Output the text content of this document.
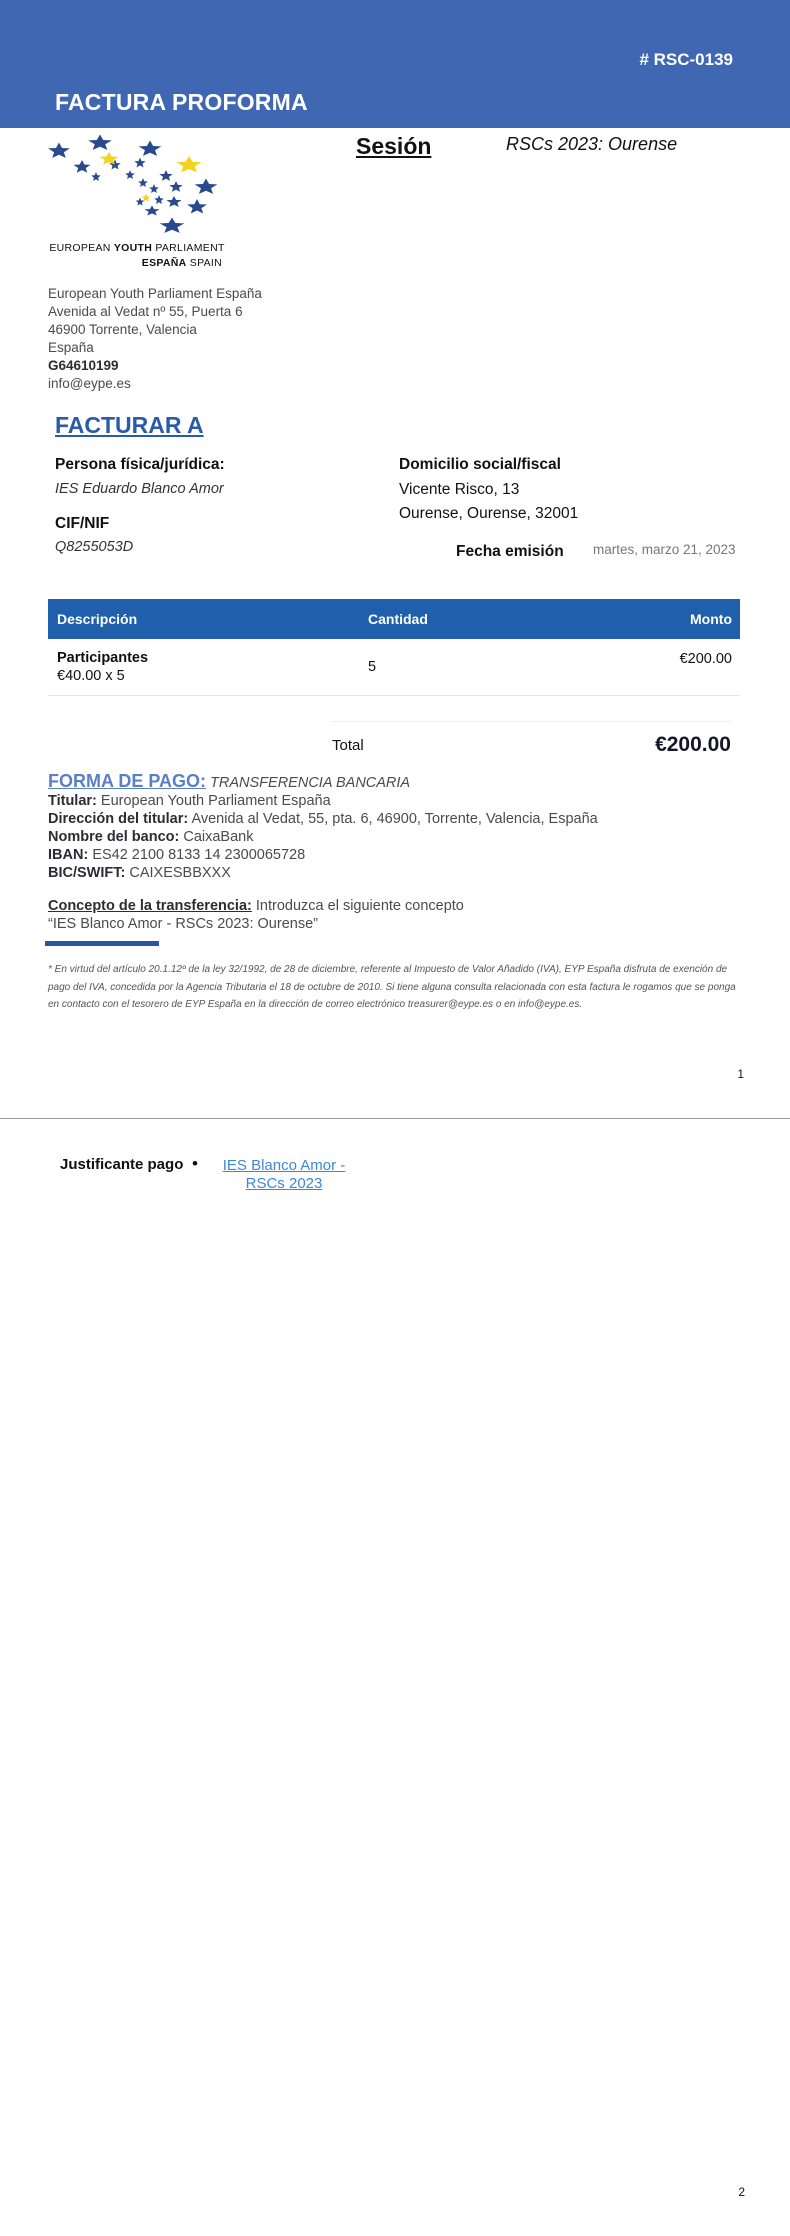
# RSC-0139
FACTURA PROFORMA
EUROPEAN YOUTH PARLIAMENT
ESPAÑA SPAIN
Sesión	RSCs 2023: Ourense
European Youth Parliament España
Avenida al Vedat nº 55, Puerta 6
46900 Torrente, Valencia
España
G64610199
info@eype.es
FACTURAR A
Persona física/jurídica:
IES Eduardo Blanco Amor
CIF/NIF
Q8255053D
Domicilio social/fiscal
Vicente Risco, 13
Ourense, Ourense, 32001
Fecha emisión martes, marzo 21, 2023
Descripción	Cantidad	Monto
Participantes
€40.00 x 5
5	€200.00
Total	€200.00
FORMA DE PAGO: TRANSFERENCIA BANCARIA
Titular: European Youth Parliament España
Dirección del titular: Avenida al Vedat, 55, pta. 6, 46900, Torrente, Valencia, España
Nombre del banco: CaixaBank
IBAN: ES42 2100 8133 14 2300065728
BIC/SWIFT: CAIXESBBXXX
Concepto de la transferencia: Introduzca el siguiente concepto
“IES Blanco Amor - RSCs 2023: Ourense”
* En virtud del artículo 20.1.12º de la ley 32/1992, de 28 de diciembre, referente al Impuesto de Valor Añadido (IVA), EYP España disfruta de exención de pago del IVA, concedida por la Agencia Tributaria el 18 de octubre de 2010. Si tiene alguna consulta relacionada con esta factura le rogamos que se ponga en contacto con el tesorero de EYP España en la dirección de correo electrónico treasurer@eype.es o en info@eype.es.
1
Justificante pago •	IES Blanco Amor - RSCs 2023
2
